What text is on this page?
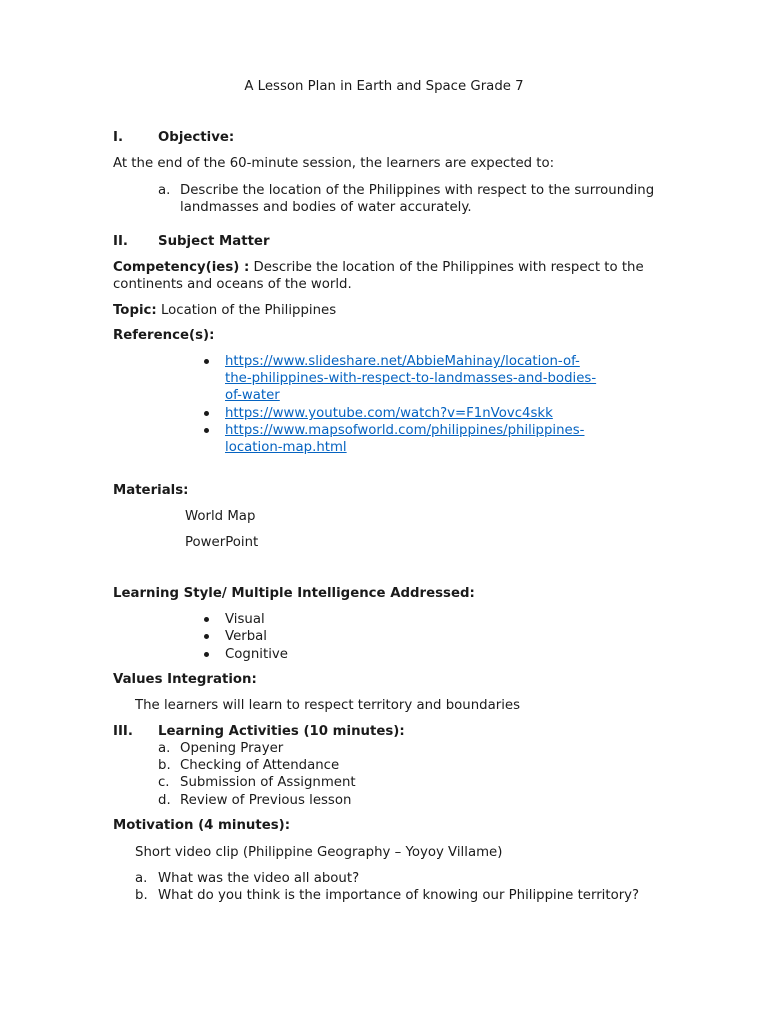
A Lesson Plan in Earth and Space Grade 7
I.	Objective:
At the end of the 60-minute session, the learners are expected to:
a. Describe the location of the Philippines with respect to the surrounding
landmasses and bodies of water accurately.
II. Subject Matter
Competency(ies) : Describe the location of the Philippines with respect to the
continents and oceans of the world.
Topic: Location of the Philippines
Reference(s):
https://www.slideshare.net/AbbieMahinay/location-of-
the-philippines-with-respect-to-landmasses-and-bodies-
of-water
https://www.youtube.com/watch?v=F1nVovc4skk
https://www.mapsofworld.com/philippines/philippines-
location-map.html
Materials:
World Map
PowerPoint
Learning Style/ Multiple Intelligence Addressed:
Visual
Verbal
Cognitive
Values Integration:
The learners will learn to respect territory and boundaries
III. Learning Activities (10 minutes):
a. Opening Prayer
b. Checking of Attendance
c. Submission of Assignment
d. Review of Previous lesson
Motivation (4 minutes):
Short video clip (Philippine Geography – Yoyoy Villame)
a. What was the video all about?
b. What do you think is the importance of knowing our Philippine territory?
